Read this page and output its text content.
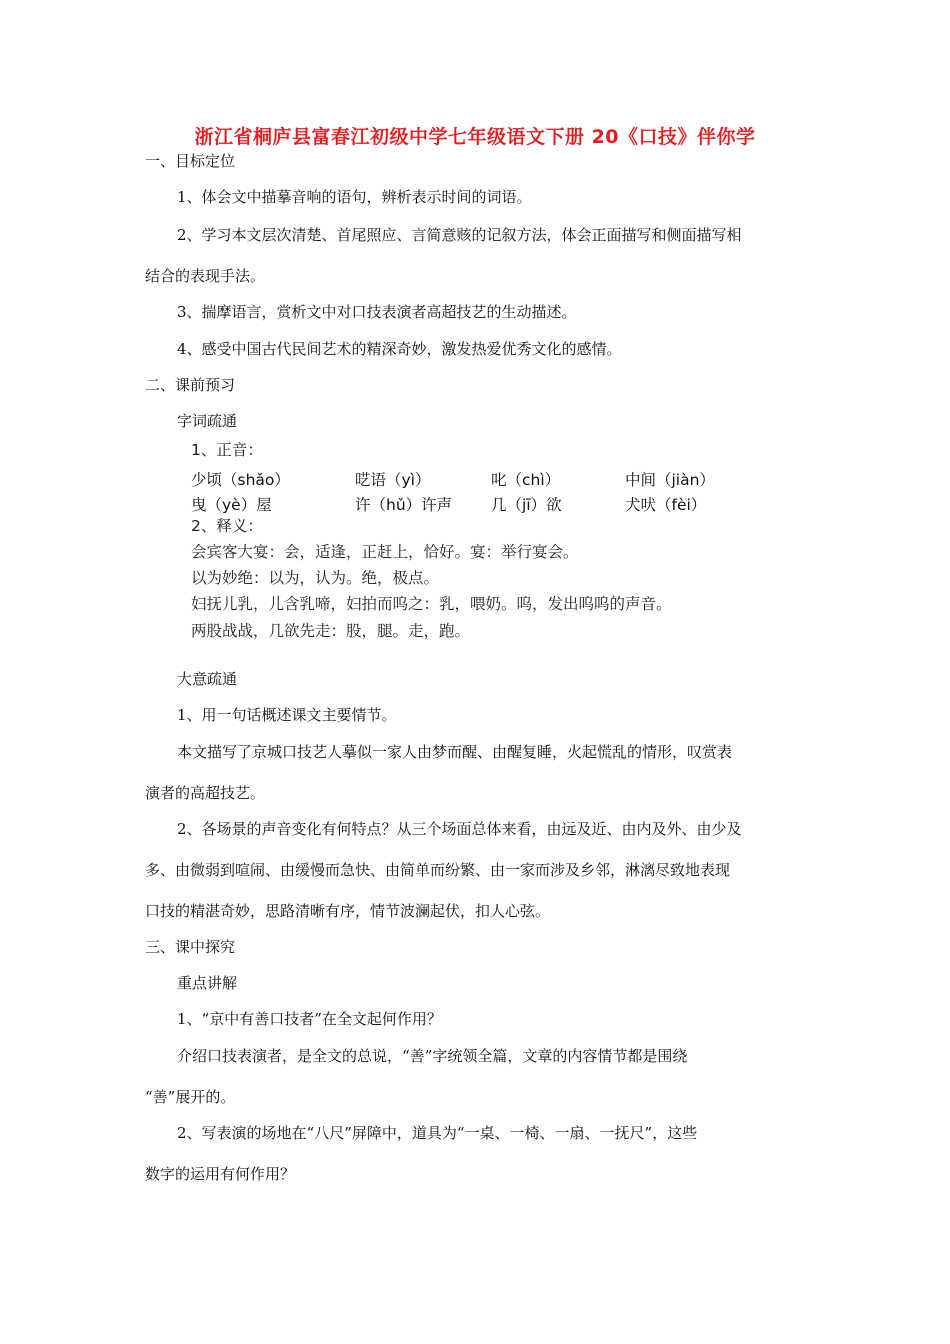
浙江省桐庐县富春江初级中学七年级语文下册 20《口技》伴你学
一、目标定位
1、体会文中描摹音响的语句，辨析表示时间的词语。
2、学习本文层次清楚、首尾照应、言简意赅的记叙方法，体会正面描写和侧面描写相
结合的表现手法。
3、揣摩语言，赏析文中对口技表演者高超技艺的生动描述。
4、感受中国古代民间艺术的精深奇妙，激发热爱优秀文化的感情。
二、课前预习
字词疏通
1、正音：
少顷（shǎo）	呓语（yì）	叱（chì）	中间（jiàn）
曳（yè）屋	许（hǔ）许声	几（jī）欲	犬吠（fèi）
2、释义：
会宾客大宴：会，适逢，正赶上，恰好。宴：举行宴会。
以为妙绝：以为，认为。绝，极点。
妇抚儿乳，儿含乳啼，妇拍而呜之：乳，喂奶。呜，发出呜呜的声音。
两股战战，几欲先走：股，腿。走，跑。
大意疏通
1、用一句话概述课文主要情节。
本文描写了京城口技艺人摹似一家人由梦而醒、由醒复睡，火起慌乱的情形，叹赏表
演者的高超技艺。
2、各场景的声音变化有何特点？从三个场面总体来看，由远及近、由内及外、由少及
多、由微弱到喧闹、由缓慢而急快、由简单而纷繁、由一家而涉及乡邻，淋漓尽致地表现
口技的精湛奇妙，思路清晰有序，情节波澜起伏，扣人心弦。
三、课中探究
重点讲解
1、“京中有善口技者”在全文起何作用？
介绍口技表演者，是全文的总说，“善”字统领全篇，文章的内容情节都是围绕
“善”展开的。
2、写表演的场地在“八尺”屏障中，道具为“一桌、一椅、一扇、一抚尺”，这些
数字的运用有何作用？
